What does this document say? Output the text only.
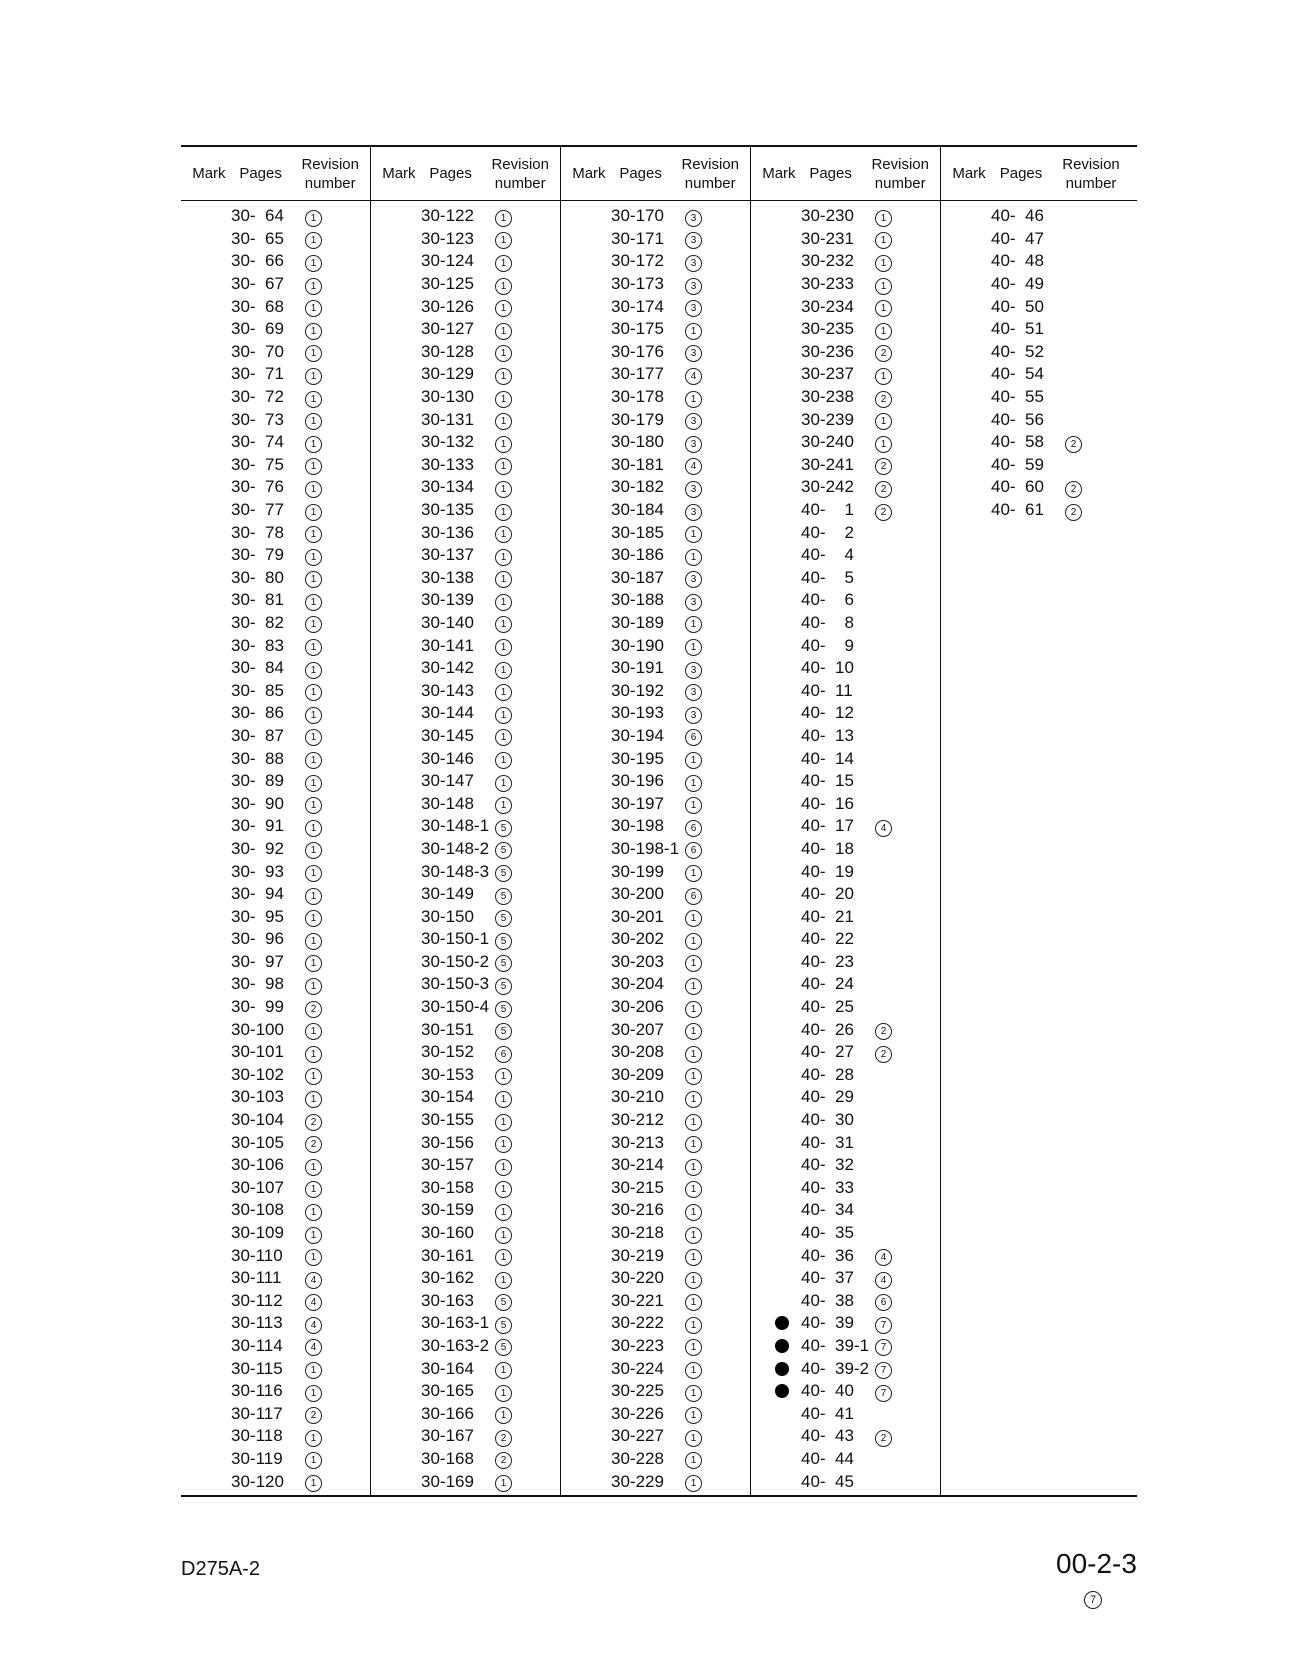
Mark Pages
Revision number
30-  64	1
30-  65	1
30-  66	1
30-  67	1
30-  68	1
30-  69	1
30-  70	1
30-  71	1
30-  72	1
30-  73	1
30-  74	1
30-  75	1
30-  76	1
30-  77	1
30-  78	1
30-  79	1
30-  80	1
30-  81	1
30-  82	1
30-  83	1
30-  84	1
30-  85	1
30-  86	1
30-  87	1
30-  88	1
30-  89	1
30-  90	1
30-  91	1
30-  92	1
30-  93	1
30-  94	1
30-  95	1
30-  96	1
30-  97	1
30-  98	1
30-  99	2
30-100	1
30-101	1
30-102	1
30-103	1
30-104	2
30-105	2
30-106	1
30-107	1
30-108	1
30-109	1
30-110	1
30-111	4
30-112	4
30-113	4
30-114	4
30-115	1
30-116	1
30-117	2
30-118	1
30-119	1
30-120	1
Mark Pages
Revision number
30-122	1
30-123	1
30-124	1
30-125	1
30-126	1
30-127	1
30-128	1
30-129	1
30-130	1
30-131	1
30-132	1
30-133	1
30-134	1
30-135	1
30-136	1
30-137	1
30-138	1
30-139	1
30-140	1
30-141	1
30-142	1
30-143	1
30-144	1
30-145	1
30-146	1
30-147	1
30-148	1
30-148-1	5
30-148-2	5
30-148-3	5
30-149	5
30-150	5
30-150-1	5
30-150-2	5
30-150-3	5
30-150-4	5
30-151	5
30-152	6
30-153	1
30-154	1
30-155	1
30-156	1
30-157	1
30-158	1
30-159	1
30-160	1
30-161	1
30-162	1
30-163	5
30-163-1	5
30-163-2	5
30-164	1
30-165	1
30-166	1
30-167	2
30-168	2
30-169	1
Mark Pages
Revision number
30-170	3
30-171	3
30-172	3
30-173	3
30-174	3
30-175	1
30-176	3
30-177	4
30-178	1
30-179	3
30-180	3
30-181	4
30-182	3
30-184	3
30-185	1
30-186	1
30-187	3
30-188	3
30-189	1
30-190	1
30-191	3
30-192	3
30-193	3
30-194	6
30-195	1
30-196	1
30-197	1
30-198	6
30-198-1	6
30-199	1
30-200	6
30-201	1
30-202	1
30-203	1
30-204	1
30-206	1
30-207	1
30-208	1
30-209	1
30-210	1
30-212	1
30-213	1
30-214	1
30-215	1
30-216	1
30-218	1
30-219	1
30-220	1
30-221	1
30-222	1
30-223	1
30-224	1
30-225	1
30-226	1
30-227	1
30-228	1
30-229	1
Mark Pages
Revision number
30-230	1
30-231	1
30-232	1
30-233	1
30-234	1
30-235	1
30-236	2
30-237	1
30-238	2
30-239	1
30-240	1
30-241	2
30-242	2
40-    1	2
40-    2
40-    4
40-    5
40-    6
40-    8
40-    9
40-  10
40-  11
40-  12
40-  13
40-  14
40-  15
40-  16
40-  17	4
40-  18
40-  19
40-  20
40-  21
40-  22
40-  23
40-  24
40-  25
40-  26	2
40-  27	2
40-  28
40-  29
40-  30
40-  31
40-  32
40-  33
40-  34
40-  35
40-  36	4
40-  37	4
40-  38	6
40-  39	7
40-  39-1	7
40-  39-2	7
40-  40	7
40-  41
40-  43	2
40-  44
40-  45
Mark Pages
Revision number
40-  46
40-  47
40-  48
40-  49
40-  50
40-  51
40-  52
40-  54
40-  55
40-  56
40-  58	2
40-  59
40-  60	2
40-  61	2
D275A-2	00-2-3
7
